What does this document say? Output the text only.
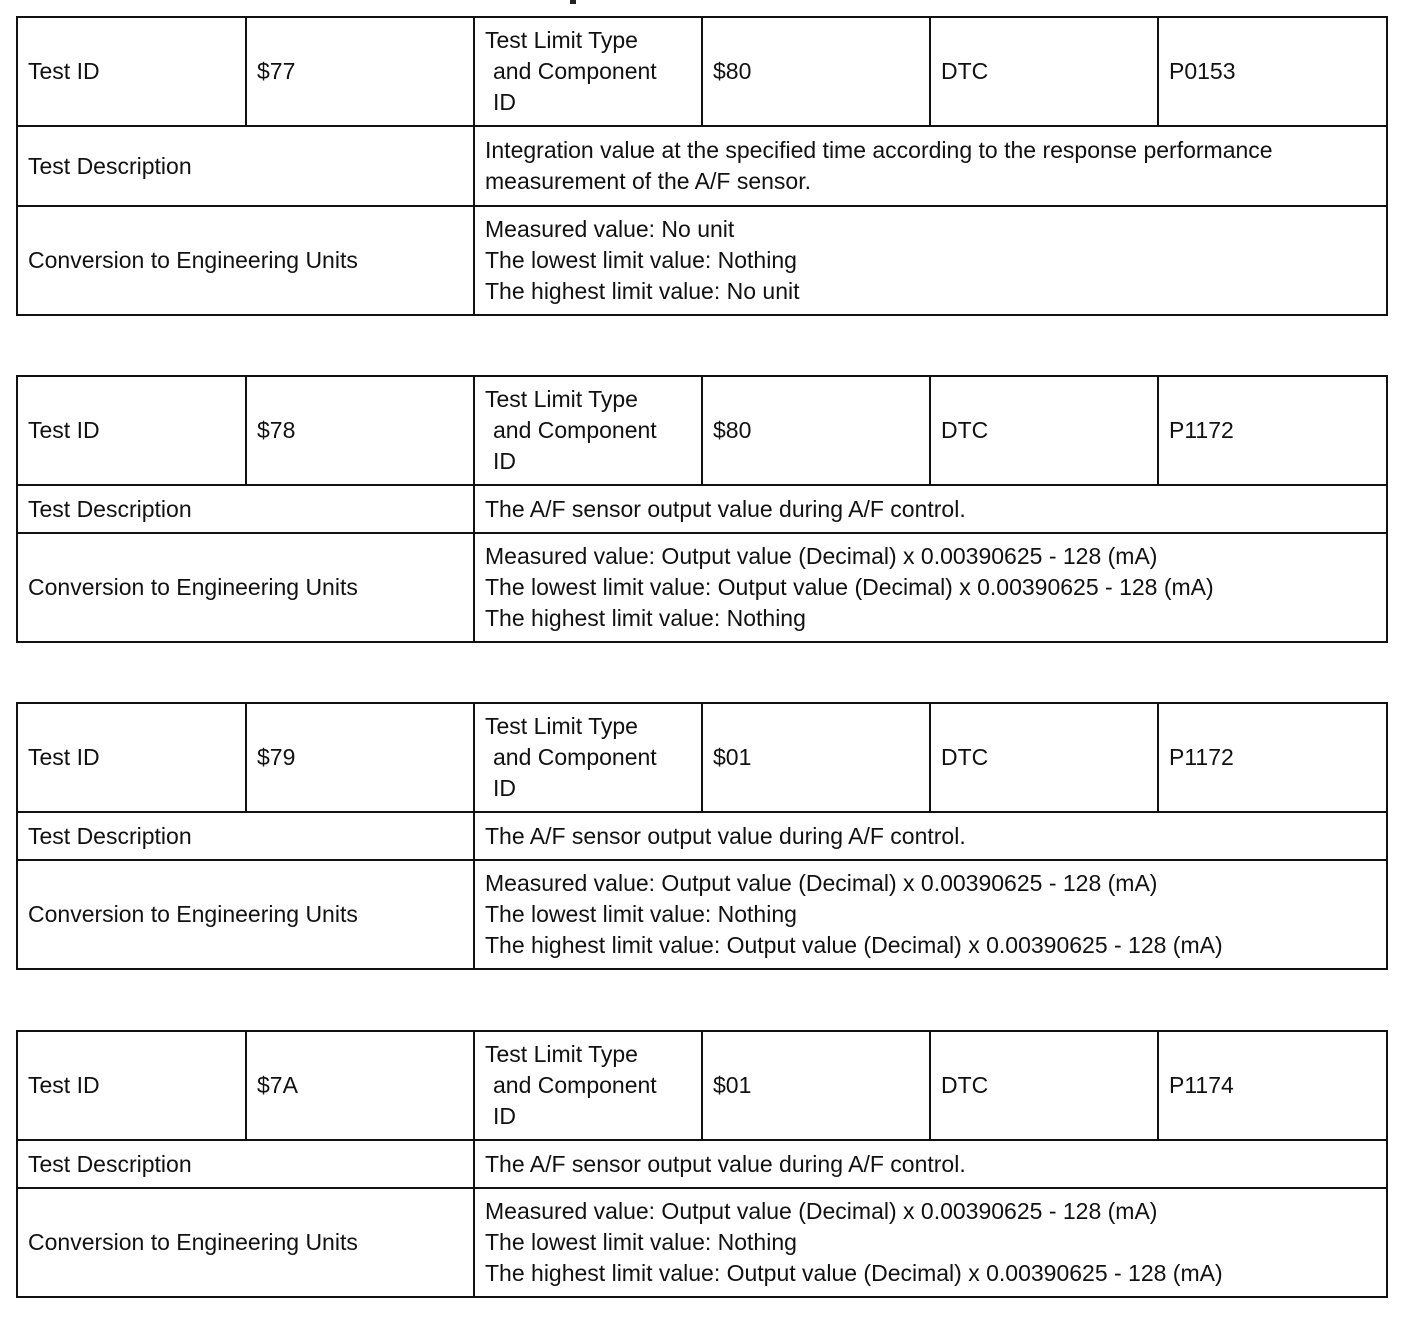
Test ID	$77	Test Limit Type
and Component
ID	$80	DTC	P0153
Test Description		Integration value at the specified time according to the response performance
measurement of the A/F sensor.			

Conversion to Engineering Units		Measured value: No unit
The lowest limit value: Nothing
The highest limit value: No unit			
Test ID	$78	Test Limit Type
and Component
ID	$80	DTC	P1172
Test Description		The A/F sensor output value during A/F control.			

Conversion to Engineering Units		Measured value: Output value (Decimal) x 0.00390625 - 128 (mA)
The lowest limit value: Output value (Decimal) x 0.00390625 - 128 (mA)
The highest limit value: Nothing			
Test ID	$79	Test Limit Type
and Component
ID	$01	DTC	P1172
Test Description		The A/F sensor output value during A/F control.			

Conversion to Engineering Units		Measured value: Output value (Decimal) x 0.00390625 - 128 (mA)
The lowest limit value: Nothing
The highest limit value: Output value (Decimal) x 0.00390625 - 128 (mA)			
Test ID	$7A	Test Limit Type
and Component
ID	$01	DTC	P1174
Test Description		The A/F sensor output value during A/F control.			

Conversion to Engineering Units		Measured value: Output value (Decimal) x 0.00390625 - 128 (mA)
The lowest limit value: Nothing
The highest limit value: Output value (Decimal) x 0.00390625 - 128 (mA)			
